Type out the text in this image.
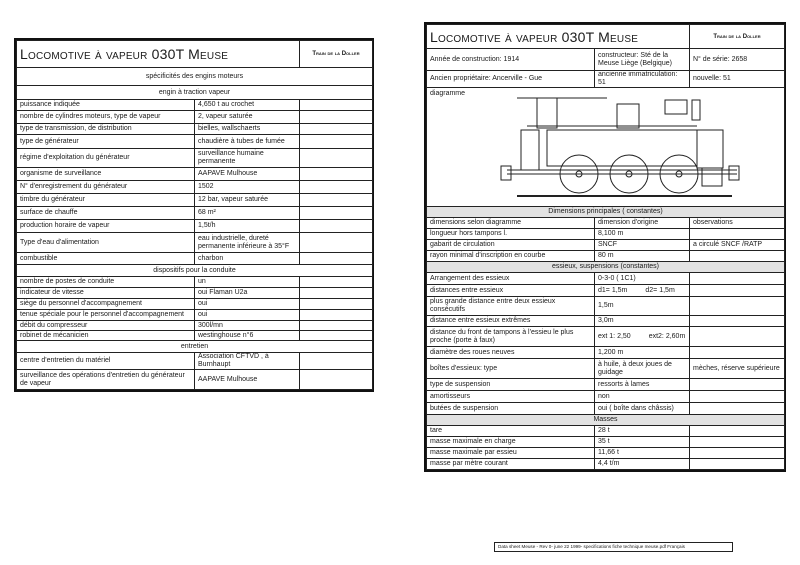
Locomotive à vapeur 030T Meuse		Train de la Doller
spécificités des engins moteurs		
engin à traction vapeur		
puissance indiquée	4,650 t au crochet	
nombre de cylindres moteurs, type de vapeur	2, vapeur saturée	
type de transmission, de distribution	bielles, wallschaerts	
type de générateur	chaudière à tubes de fumée	
régime d'exploitation du générateur	surveillance humaine permanente	
organisme de surveillance	AAPAVE Mulhouse	
N° d'enregistrement du générateur	1502	
timbre du générateur	12 bar, vapeur saturée	
surface de chauffe	68 m²	
production horaire de vapeur	1,5t/h	
Type d'eau d'alimentation	eau industrielle, dureté permanente inférieure à 35°F	
combustible	charbon	
dispositifs pour la conduite		
nombre de postes de conduite	un	
indicateur de vitesse	oui Flaman U2a	
siège du personnel d'accompagnement	oui	
tenue spéciale pour le personnel d'accompagnement	oui	
débit du compresseur	300l/mn	
robinet de mécanicien	westinghouse n°6	
entretien		
centre d'entretien du matériel	Association CFTVD , à Burnhaupt	
surveillance des opérations d'entretien du générateur de vapeur	AAPAVE Mulhouse	
Locomotive à vapeur 030T Meuse		Train de la Doller
Année de construction: 1914	constructeur: Sté de la Meuse Liège (Belgique)	N° de série: 2658
Ancien propriétaire: Ancerville - Gue	ancienne immatriculation: 51	nouvelle: 51

diagramme		

Dimensions principales ( constantes)		
dimensions selon diagramme	dimension d'origine	observations
longueur hors tampons l.	8,100 m	
gabarit de circulation	SNCF	a circulé SNCF /RATP
rayon minimal d'inscription en courbe	80 m	
essieux, suspensions (constantes)		
Arrangement des essieux	0-3-0 ( 1C1)	
distances entre essieux	d1= 1,5m d2= 1,5m	
plus grande distance entre deux essieux consécutifs	1,5m	
distance entre essieux extrêmes	3,0m	
distance du front de tampons à l'essieu le plus proche (porte à faux)	ext 1: 2,50 ext2: 2,60m	
diamètre des roues neuves	1,200 m	
boîtes d'essieux: type	à huile, à deux joues de guidage	mèches, réserve supérieure
type de suspension	ressorts à lames	
amortisseurs	non	
butées de suspension	oui ( boîte dans châssis)	
Masses		
tare	28 t	
masse maximale en charge	35 t	
masse maximale par essieu	11,66 t	
masse par mètre courant	4,4 t/m	
Data sheet Meuse - Rev 0- june 22 1999- specifications fiche technique meuse.pdf Français
